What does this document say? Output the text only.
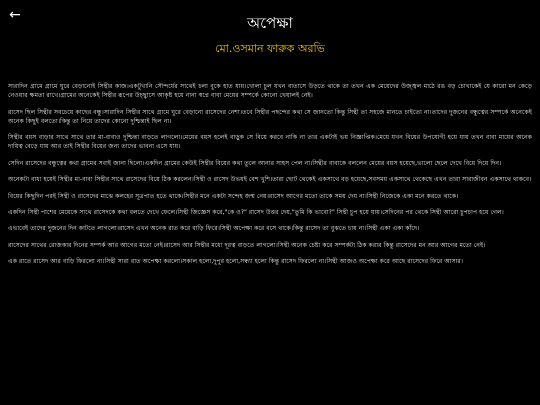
←	অপেক্ষা
মো.ওসমান ফারুক অরভি

সারাদিন গ্রামে গ্রামে ঘুরে বেড়ানোই সিন্থীর কাজ।একটুখানি সৌন্দর্যের সাথেই চলা বুকে হাত যায়।খোলা চুল যখন বাতাসে উড়তে থাকে তা তখন এক মেয়েদের উজ্জ্বল মাঠে রঙ বড় চোখাকেই যে কারো মন কেড়ে নেওয়ার ক্ষমতা রাখে।গ্রামের অনেকেই সিন্থীর রূপের উচ্ছ্বাসে আকৃষ্ট হয়ে নানা স্বপ্নে বাবা মেয়ের সম্পর্কে কোনো খেয়ালই নেই।

রাসেদ ছিল সিন্থীর সবচেয়ে কাছের বন্ধু।সারাদিন সিন্থীর সাথে গ্রামে ঘুরে বেড়ানো রাসেদের নেশা।তবে সিন্থীর পছন্দের কথা সে জানতো কিন্তু সিন্থী তা সহজে মানতে চাইতো না।তাদের দুজনের বন্ধুত্বের সম্পর্কে অনেকেই অনেক কিছুই বলতো।কিন্তু তা নিয়ে তাদের কোনো দুশ্চিন্তাই ছিল না।

সিন্থীর বয়স বাড়ার সাথে সাথে তার মা-বাবাও দুশ্চিন্তা বাড়তে লাগলো।মেয়ের বয়স হলেই বাড়ুক সে বিয়ে করবে নাকি না তার একটাই ভয় নিজ্ঞাপ্তিক।মেয়ে যখন বিয়ের উপযোগী হয়ে যায় তখন বাবা মায়ের অনেক দায়িত্ব বেড়ে যায় আর তাই সিন্থীর বিয়ের জন্য তাদের ভাবনা এসে যায়।

সেদিন রাসেদের বন্ধুত্বের কথা গ্রামের সবাই জানা ছিলো।একদিন গ্রামের কেউই সিন্থীর বিয়ের কথা তুলে আনার সাহস পেল না।সিন্থীর বাবাকে বললেন মেয়ের বয়স হয়েছে,ভালো ছেলে দেখে বিয়ে দিয়ে দিন।

অনেকটা বাধ্য হয়েই সিন্থীর মা-বাবা সিন্থীর সাথে রাসেদের বিয়ে ঠিক করলেন।সিন্থী ও রাসেদ উভয়ই বেশ খুশি।তারা ছোট থেকেই একসাথে বড় হয়েছে,সবসময় একসাথে থেকেছে এখন তারা সারাজীবন একসাথে থাকবে।

বিয়ের কিছুদিন পরই সিন্থী ও রাসেদের মাঝে কলহের সূত্রপাত হতে থাকে।সিন্থীর মনে একটা সন্দেহ জন্ম নেয়।রাসেদ আগের মতো তাকে সময় দেয় না।সিন্থী নিজেকে একা মনে করতে থাকে।

একদিন সিন্থী পাশের মেয়েকে সাথে রাসেদকে কথা বলতে দেখে ফেলে।সিন্থী জিজ্ঞেস করে,"কে ও?" রাসেদ উত্তর দেয়,"তুমি কি ভাবো?" সিন্থী চুপ হয়ে যায়।সেদিনের পর থেকে সিন্থী আরো চুপচাপ হয়ে গেল।

এভাবেই তাদের দুজনের দিন কাটতে লাগলো।রাসেদ এখন অনেক রাত করে বাড়ি ফিরে।সিন্থী অপেক্ষা করে বসে থাকে।কিন্তু রাসেদ তা বুঝতে চায় না।সিন্থী একা একা কাঁদে।

রাসেদের সাথের রোজকার দিনের সম্পর্ক আর আগের মতো নেই।রাসেদ আর সিন্থীর মধ্যে দূরত্ব বাড়তে লাগলো।সিন্থী অনেক চেষ্টা করে সম্পর্কটা ঠিক করার কিন্তু রাসেদের মন আর আগের মতো নেই।

এক রাতে রাসেদ আর বাড়ি ফিরলো না।সিন্থী সারা রাত অপেক্ষা করলো।সকাল হলো,দুপুর হলো,সন্ধ্যা হলো কিন্তু রাসেদ ফিরলো না।সিন্থী আজও অপেক্ষা করে আছে রাসেদের ফিরে আসার।
